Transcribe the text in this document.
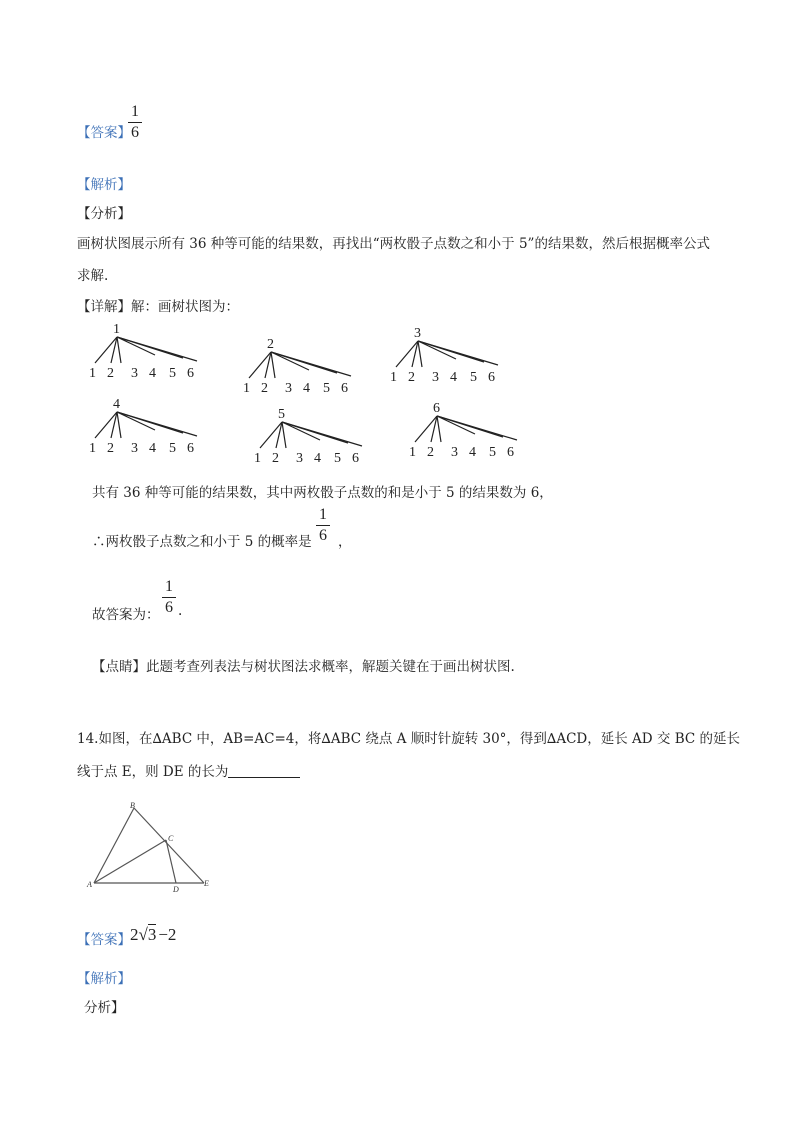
【答案】
1
6
【解析】
【分析】
画树状图展示所有 36 种等可能的结果数，再找出“两枚骰子点数之和小于 5”的结果数，然后根据概率公式
求解.
【详解】解：画树状图为：
1
1 2 3 4 5 6
2
1 2 3 4 5 6
3
1 2 3 4 5 6
4
1 2 3 4 5 6
5
1 2 3 4 5 6
6
1 2 3 4 5 6
共有 36 种等可能的结果数，其中两枚骰子点数的和是小于 5 的结果数为 6，
∴两枚骰子点数之和小于 5 的概率是
1
6 ，
故答案为：
1
6 .
【点睛】此题考查列表法与树状图法求概率，解题关键在于画出树状图.
14.如图，在∆ABC 中，AB=AC=4，将∆ABC 绕点 A 顺时针旋转 30°，得到∆ACD，延长 AD 交 BC 的延长
线于点 E，则 DE 的长为
A
B
C
D
E
【答案】 2√3 −2
【解析】
分析】
